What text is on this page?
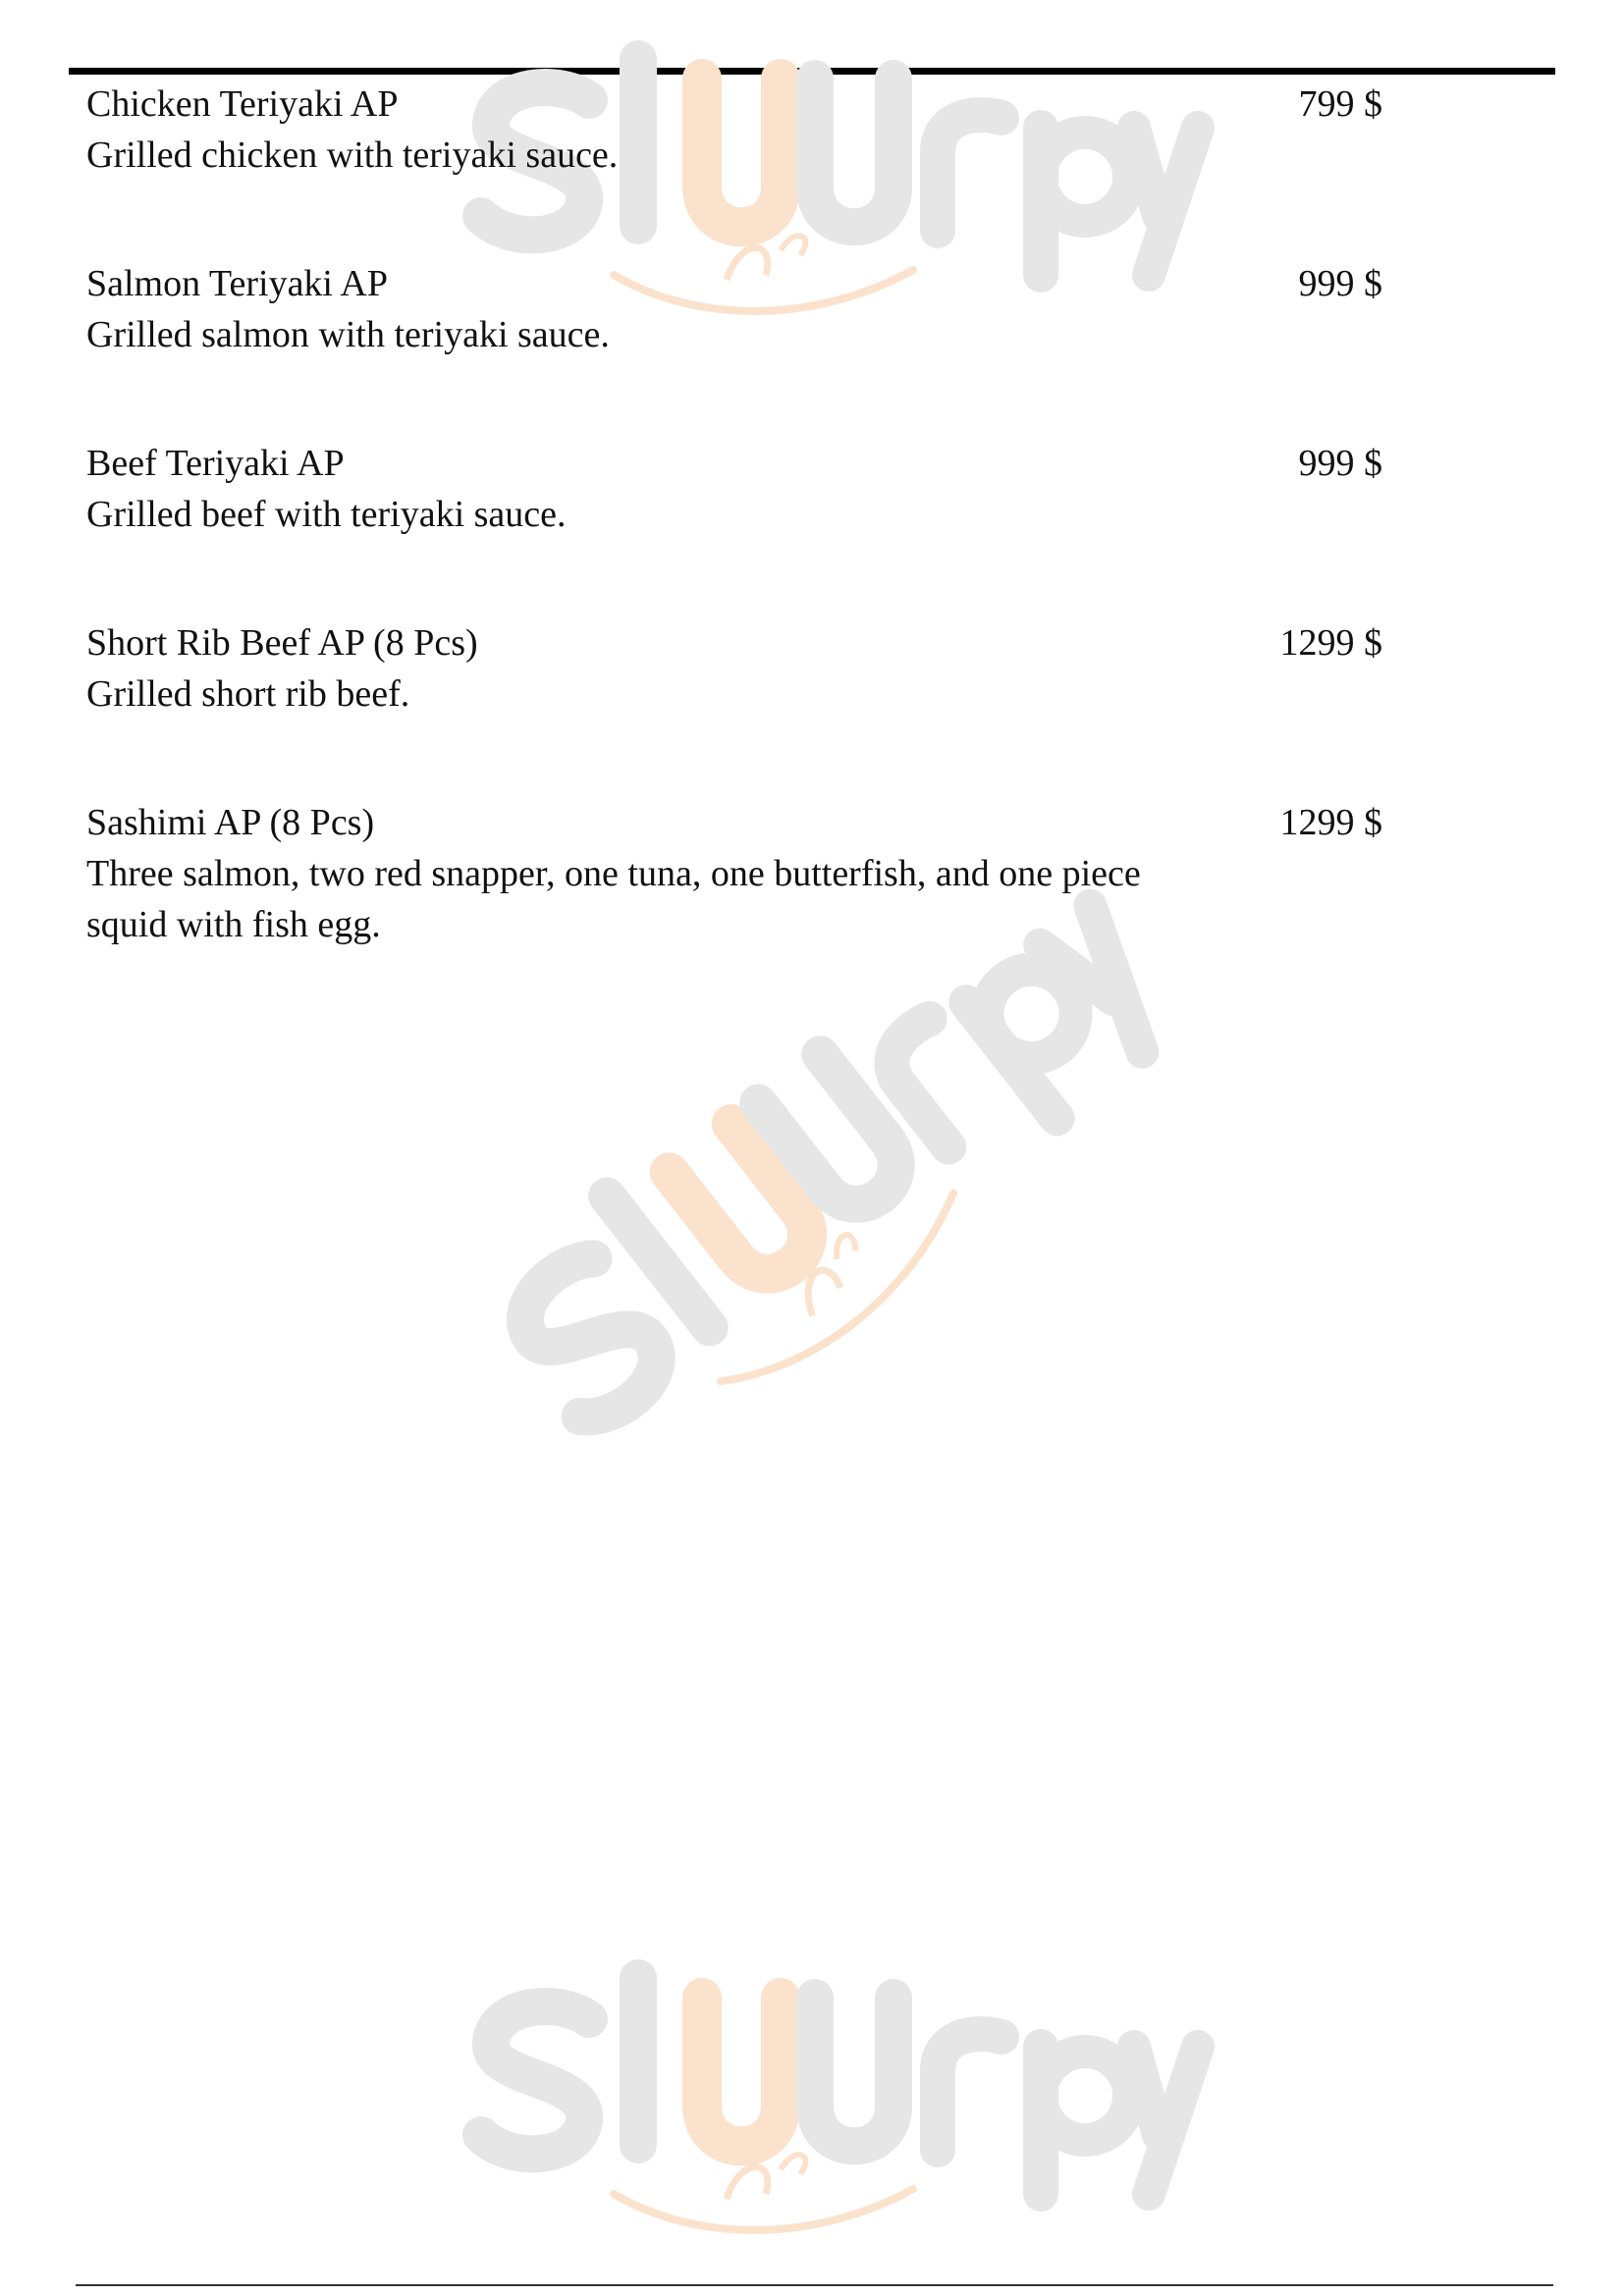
Chicken Teriyaki AP
Grilled chicken with teriyaki sauce.
799 $
Salmon Teriyaki AP
Grilled salmon with teriyaki sauce.
999 $
Beef Teriyaki AP
Grilled beef with teriyaki sauce.
999 $
Short Rib Beef AP (8 Pcs)
Grilled short rib beef.
1299 $
Sashimi AP (8 Pcs)
Three salmon, two red snapper, one tuna, one butterfish, and one piece squid with fish egg.
1299 $
